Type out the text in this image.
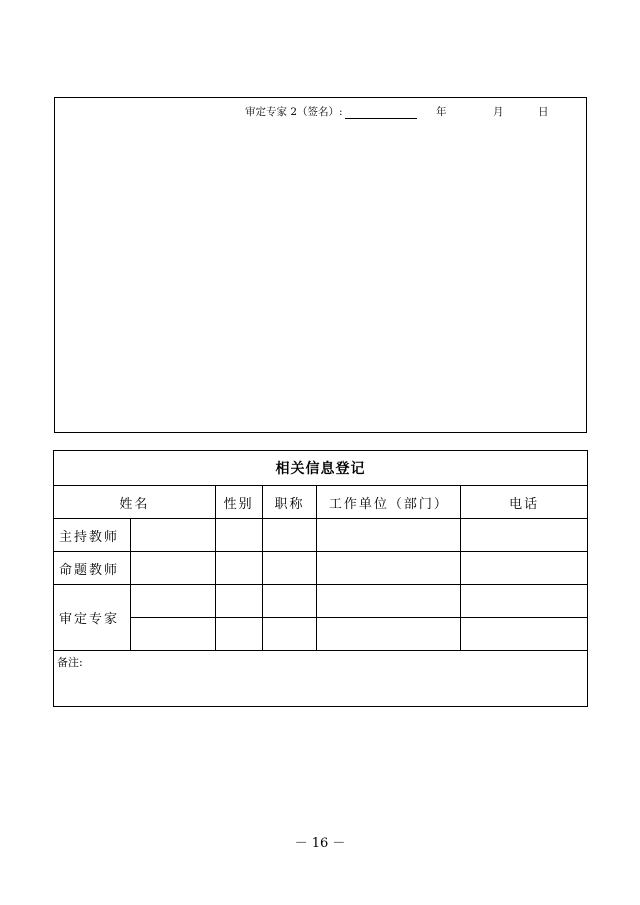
审定专家 2（签名）:	年	月	日
相关信息登记					
姓名		性别	职称	工作单位（部门）	电话
主持教师					
命题教师					
审定专家					

备注:					
－ 16 －
